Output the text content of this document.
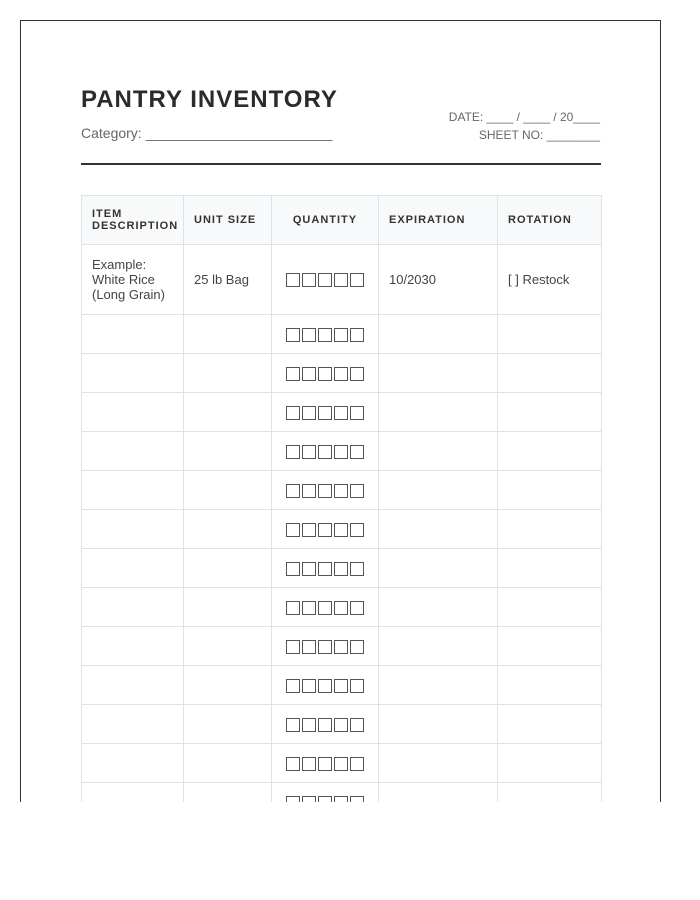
PANTRY INVENTORY
Category: ________________________
DATE: ____ / ____ / 20____
SHEET NO: ________
ITEM DESCRIPTION	UNIT SIZE	QUANTITY	EXPIRATION	ROTATION
Example: White Rice (Long Grain)	25 lb Bag		10/2030	[ ] Restock
